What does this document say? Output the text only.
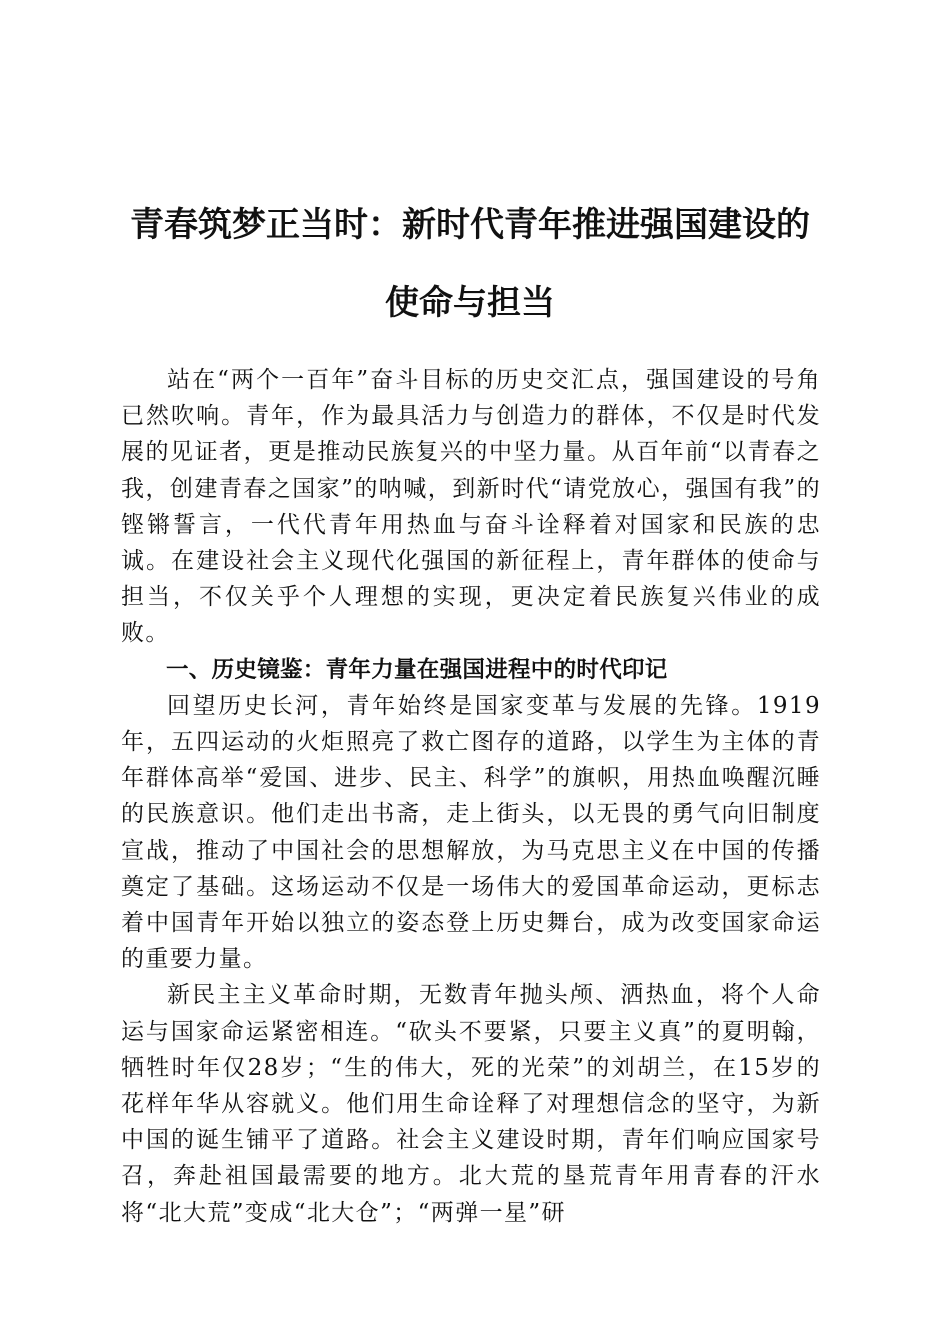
青春筑梦正当时：新时代青年推进强国建设的
使命与担当

站在“两个一百年”奋斗目标的历史交汇点，强国建设的号角已然吹响。青年，作为最具活力与创造力的群体，不仅是时代发展的见证者，更是推动民族复兴的中坚力量。从百年前“以青春之我，创建青春之国家”的呐喊，到新时代“请党放心，强国有我”的铿锵誓言，一代代青年用热血与奋斗诠释着对国家和民族的忠诚。在建设社会主义现代化强国的新征程上，青年群体的使命与担当，不仅关乎个人理想的实现，更决定着民族复兴伟业的成败。

一、历史镜鉴：青年力量在强国进程中的时代印记

回望历史长河，青年始终是国家变革与发展的先锋。1919年，五四运动的火炬照亮了救亡图存的道路，以学生为主体的青年群体高举“爱国、进步、民主、科学”的旗帜，用热血唤醒沉睡的民族意识。他们走出书斋，走上街头，以无畏的勇气向旧制度宣战，推动了中国社会的思想解放，为马克思主义在中国的传播奠定了基础。这场运动不仅是一场伟大的爱国革命运动，更标志着中国青年开始以独立的姿态登上历史舞台，成为改变国家命运的重要力量。

新民主主义革命时期，无数青年抛头颅、洒热血，将个人命运与国家命运紧密相连。“砍头不要紧，只要主义真”的夏明翰，牺牲时年仅28岁；“生的伟大，死的光荣”的刘胡兰，在15岁的花样年华从容就义。他们用生命诠释了对理想信念的坚守，为新中国的诞生铺平了道路。社会主义建设时期，青年们响应国家号召，奔赴祖国最需要的地方。北大荒的垦荒青年用青春的汗水将“北大荒”变成“北大仓”；“两弹一星”研
